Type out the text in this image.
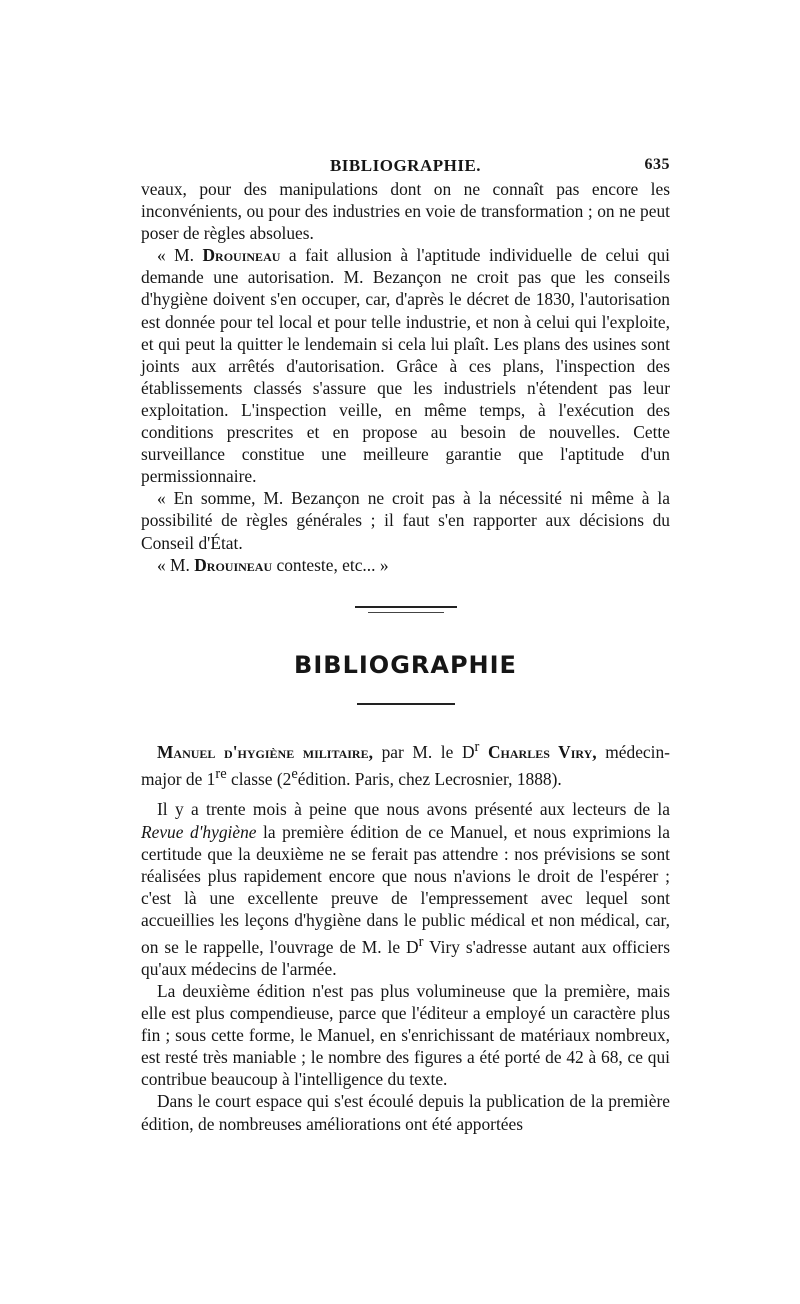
BIBLIOGRAPHIE.	635

veaux, pour des manipulations dont on ne connaît pas encore les inconvénients, ou pour des industries en voie de transformation ; on ne peut poser de règles absolues.

« M. Drouineau a fait allusion à l'aptitude individuelle de celui qui demande une autorisation. M. Bezançon ne croit pas que les conseils d'hygiène doivent s'en occuper, car, d'après le décret de 1830, l'autorisation est donnée pour tel local et pour telle industrie, et non à celui qui l'exploite, et qui peut la quitter le lendemain si cela lui plaît. Les plans des usines sont joints aux arrêtés d'autorisation. Grâce à ces plans, l'inspection des établissements classés s'assure que les industriels n'étendent pas leur exploitation. L'inspection veille, en même temps, à l'exécution des conditions prescrites et en propose au besoin de nouvelles. Cette surveillance constitue une meilleure garantie que l'aptitude d'un permissionnaire.

« En somme, M. Bezançon ne croit pas à la nécessité ni même à la possibilité de règles générales ; il faut s'en rapporter aux décisions du Conseil d'État.

« M. Drouineau conteste, etc... »

BIBLIOGRAPHIE

Manuel d'hygiène militaire, par M. le $D^r$ Charles Viry, médecin-major de 1re classe (2eédition. Paris, chez Lecrosnier, 1888).

Il y a trente mois à peine que nous avons présenté aux lecteurs de la Revue d'hygiène la première édition de ce Manuel, et nous exprimions la certitude que la deuxième ne se ferait pas attendre : nos prévisions se sont réalisées plus rapidement encore que nous n'avions le droit de l'espérer ; c'est là une excellente preuve de l'empressement avec lequel sont accueillies les leçons d'hygiène dans le public médical et non médical, car, on se le rappelle, l'ouvrage de M. le $D^r$ Viry s'adresse autant aux officiers qu'aux médecins de l'armée.

La deuxième édition n'est pas plus volumineuse que la première, mais elle est plus compendieuse, parce que l'éditeur a employé un caractère plus fin ; sous cette forme, le Manuel, en s'enrichissant de matériaux nombreux, est resté très maniable ; le nombre des figures a été porté de 42 à 68, ce qui contribue beaucoup à l'intelligence du texte.

Dans le court espace qui s'est écoulé depuis la publication de la première édition, de nombreuses améliorations ont été apportées
